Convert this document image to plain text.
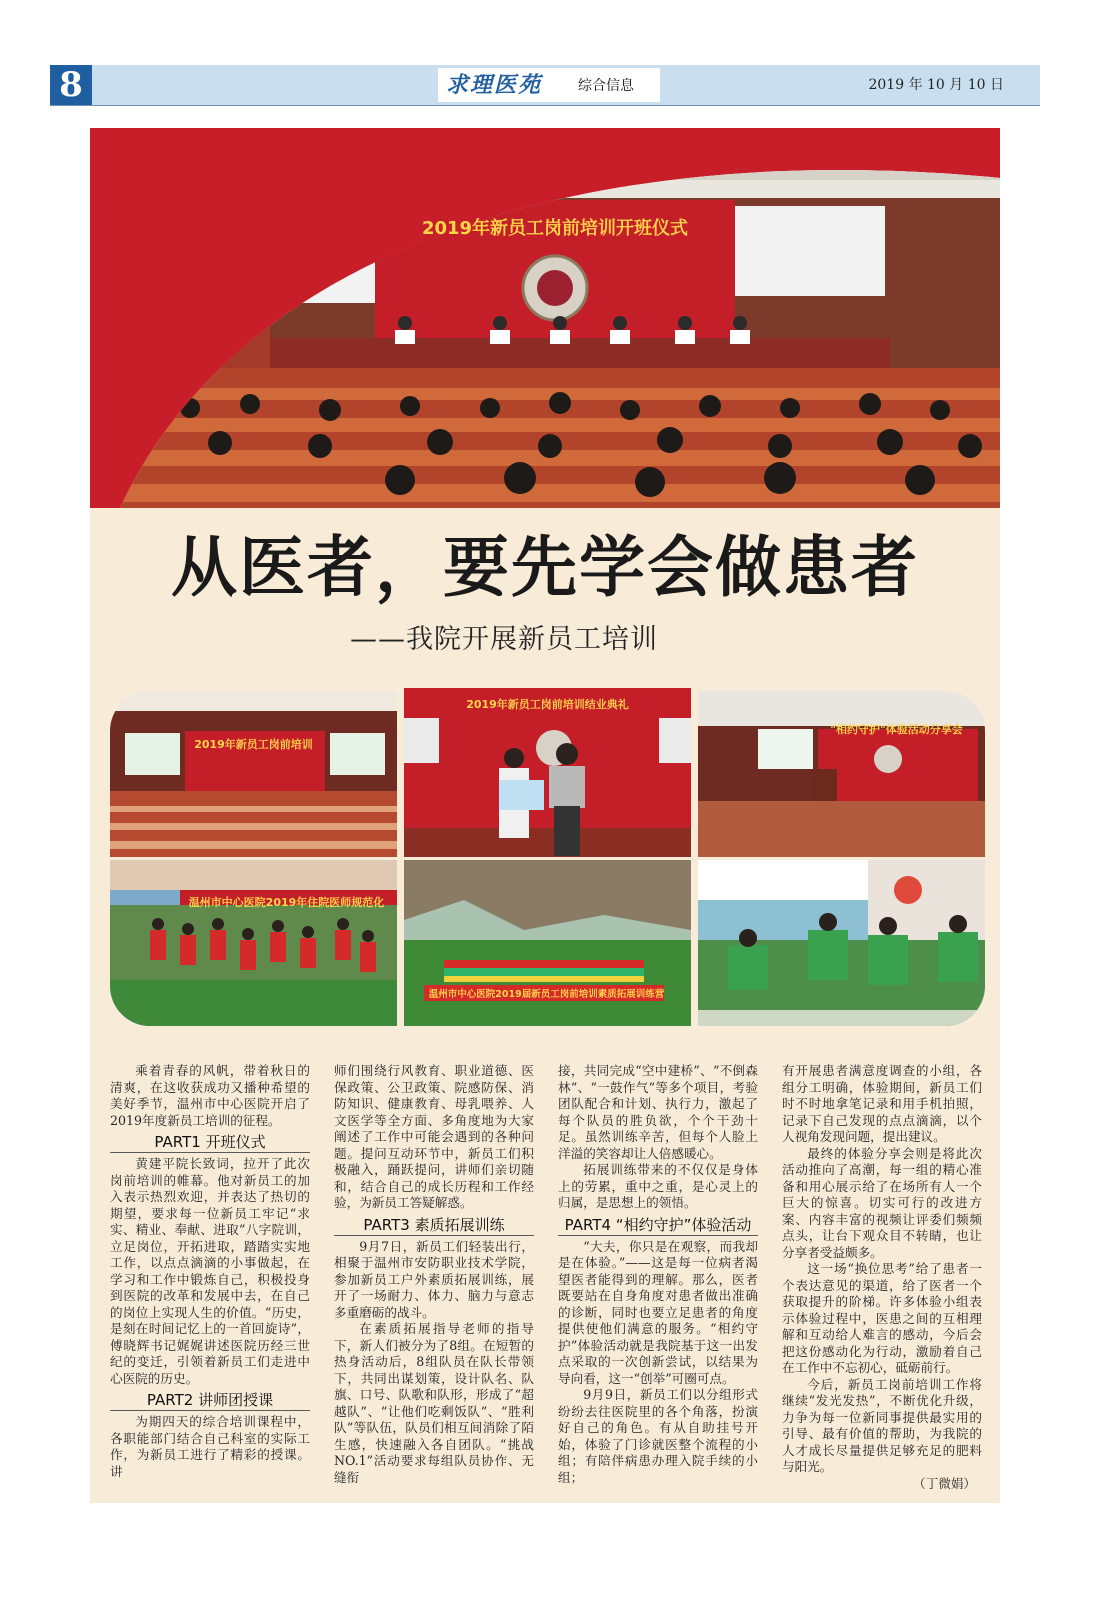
8	求理医苑	综合信息	2019 年 10 月 10 日
2019年新员工岗前培训开班仪式
从医者，要先学会做患者
——我院开展新员工培训
2019年新员工岗前培训
2019年新员工岗前培训结业典礼
"相约守护"体验活动分享会
温州市中心医院2019年住院医师规范化
温州市中心医院2019届新员工岗前培训素质拓展训练营

乘着青春的风帆，带着秋日的清爽，在这收获成功又播种希望的美好季节，温州市中心医院开启了2019年度新员工培训的征程。

PART1 开班仪式

黄建平院长致词，拉开了此次岗前培训的帷幕。他对新员工的加入表示热烈欢迎，并表达了热切的期望，要求每一位新员工牢记“求实、精业、奉献、进取”八字院训，立足岗位，开拓进取，踏踏实实地工作，以点点滴滴的小事做起，在学习和工作中锻炼自己，积极投身到医院的改革和发展中去，在自己的岗位上实现人生的价值。“历史，是刻在时间记忆上的一首回旋诗”，傅晓辉书记娓娓讲述医院历经三世纪的变迁，引领着新员工们走进中心医院的历史。

PART2 讲师团授课

为期四天的综合培训课程中，各职能部门结合自己科室的实际工作，为新员工进行了精彩的授课。讲

师们围绕行风教育、职业道德、医保政策、公卫政策、院感防保、消防知识、健康教育、母乳喂养、人文医学等全方面、多角度地为大家阐述了工作中可能会遇到的各种问题。提问互动环节中，新员工们积极融入，踊跃提问，讲师们亲切随和，结合自己的成长历程和工作经验，为新员工答疑解惑。

PART3 素质拓展训练

9月7日，新员工们轻装出行，相聚于温州市安防职业技术学院，参加新员工户外素质拓展训练，展开了一场耐力、体力、脑力与意志多重磨砺的战斗。

在素质拓展指导老师的指导下，新人们被分为了8组。在短暂的热身活动后，8组队员在队长带领下，共同出谋划策，设计队名、队旗、口号、队歌和队形，形成了“超越队”、“让他们吃剩饭队”、“胜利队”等队伍，队员们相互间消除了陌生感，快速融入各自团队。“挑战NO.1”活动要求每组队员协作、无缝衔

接，共同完成“空中建桥”、“不倒森林”、“一鼓作气”等多个项目，考验团队配合和计划、执行力，激起了每个队员的胜负欲，个个干劲十足。虽然训练辛苦，但每个人脸上洋溢的笑容却让人倍感暖心。

拓展训练带来的不仅仅是身体上的劳累，重中之重，是心灵上的归属，是思想上的领悟。

PART4 “相约守护”体验活动

“大夫，你只是在观察，而我却是在体验。”——这是每一位病者渴望医者能得到的理解。那么，医者既要站在自身角度对患者做出准确的诊断，同时也要立足患者的角度提供使他们满意的服务。“相约守护”体验活动就是我院基于这一出发点采取的一次创新尝试，以结果为导向看，这一“创举”可圈可点。

9月9日，新员工们以分组形式纷纷去往医院里的各个角落，扮演好自己的角色。有从自助挂号开始，体验了门诊就医整个流程的小组；有陪伴病患办理入院手续的小组；

有开展患者满意度调查的小组，各组分工明确，体验期间，新员工们时不时地拿笔记录和用手机拍照，记录下自己发现的点点滴滴，以个人视角发现问题，提出建议。

最终的体验分享会则是将此次活动推向了高潮，每一组的精心准备和用心展示给了在场所有人一个巨大的惊喜。切实可行的改进方案、内容丰富的视频让评委们频频点头，让台下观众目不转睛，也让分享者受益颇多。

这一场“换位思考”给了患者一个表达意见的渠道，给了医者一个获取提升的阶梯。许多体验小组表示体验过程中，医患之间的互相理解和互动给人难言的感动，今后会把这份感动化为行动，激励着自己在工作中不忘初心，砥砺前行。

今后，新员工岗前培训工作将继续“发光发热”，不断优化升级，力争为每一位新同事提供最实用的引导、最有价值的帮助，为我院的人才成长尽量提供足够充足的肥料与阳光。

（丁微娟）
